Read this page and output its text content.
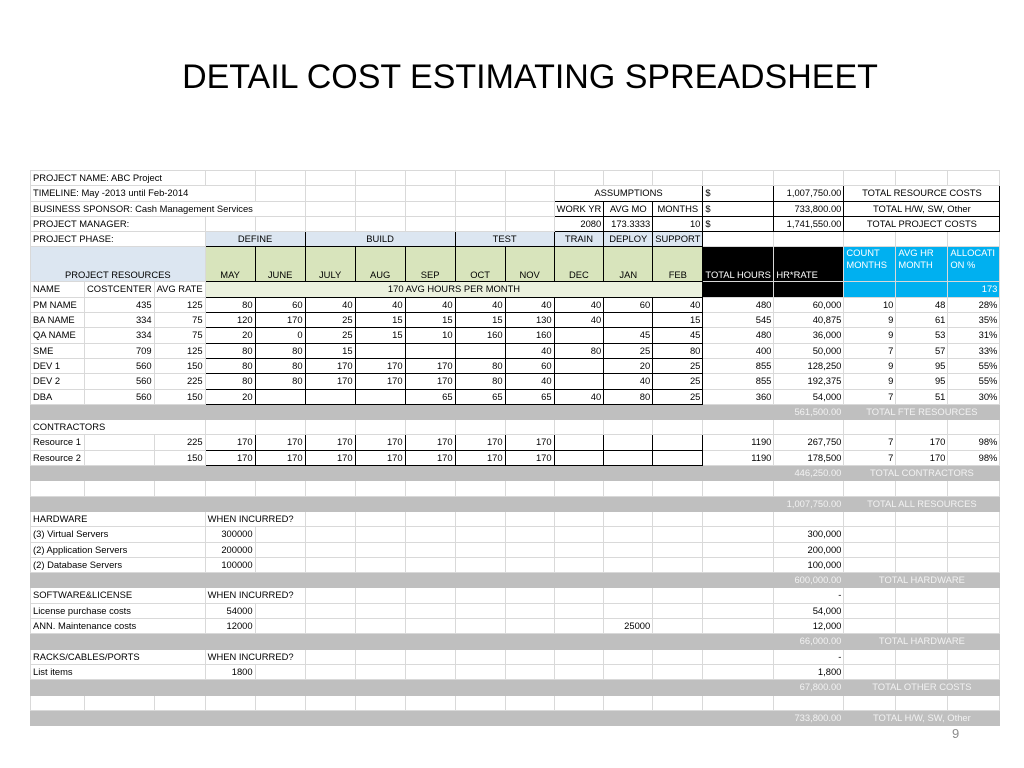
DETAIL COST ESTIMATING SPREADSHEET
PROJECT NAME: ABC Project																	
TIMELINE: May -2013 until Feb-2014										ASSUMPTIONS			$	1,007,750.00	TOTAL RESOURCE COSTS		
BUSINESS SPONSOR: Cash Management Services										WORK YR	AVG MO	MONTHS	$	733,800.00	TOTAL H/W, SW, Other		
PROJECT MANAGER:										2080	173.3333	10	$	1,741,550.00	TOTAL PROJECT COSTS		
PROJECT PHASE:			DEFINE		BUILD			TEST		TRAIN	DEPLOY	SUPPORT					
PROJECT RESOURCES			MAY	JUNE	JULY	AUG	SEP	OCT	NOV	DEC	JAN	FEB	TOTAL HOURS	HR*RATE	COUNT MONTHS	AVG HR MONTH	ALLOCATI ON %
NAME	COSTCENTER	AVG RATE	170 AVG HOURS PER MONTH														173
PM NAME	435	125	80	60	40	40	40	40	40	40	60	40	480	60,000	10	48	28%
BA NAME	334	75	120	170	25	15	15	15	130	40		15	545	40,875	9	61	35%
QA NAME	334	75	20	0	25	15	10	160	160		45	45	480	36,000	9	53	31%
SME	709	125	80	80	15				40	80	25	80	400	50,000	7	57	33%
DEV 1	560	150	80	80	170	170	170	80	60		20	25	855	128,250	9	95	55%
DEV 2	560	225	80	80	170	170	170	80	40		40	25	855	192,375	9	95	55%
DBA	560	150	20				65	65	65	40	80	25	360	54,000	7	51	30%
														561,500.00	TOTAL FTE RESOURCES		
CONTRACTORS																	
Resource 1		225	170	170	170	170	170	170	170				1190	267,750	7	170	98%
Resource 2		150	170	170	170	170	170	170	170				1190	178,500	7	170	98%
														446,250.00	TOTAL CONTRACTORS		

														1,007,750.00	TOTAL ALL RESOURCES		
HARDWARE			WHEN INCURRED?														
(3) Virtual Servers			300000											300,000			
(2) Application Servers			200000											200,000			
(2) Database Servers			100000											100,000			
														600,000.00	TOTAL HARDWARE		
SOFTWARE&LICENSE			WHEN INCURRED?											-			
License purchase costs			54000											54,000			
ANN. Maintenance costs			12000								25000			12,000			
														66,000.00	TOTAL HARDWARE		
RACKS/CABLES/PORTS			WHEN INCURRED?											-			
List items			1800											1,800			
														67,800.00	TOTAL OTHER COSTS		

														733,800.00	TOTAL H/W, SW, Other		
9
